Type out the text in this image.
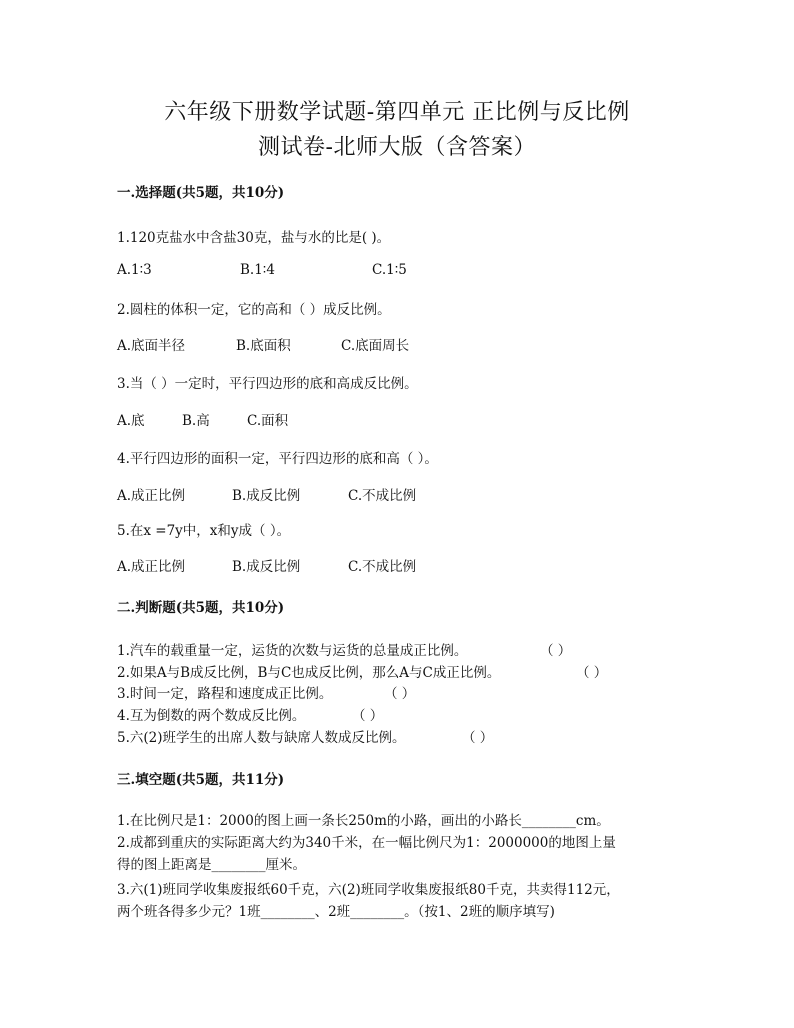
六年级下册数学试题-第四单元 正比例与反比例
测试卷-北师大版（含答案）
一.选择题(共5题，共10分)
1.120克盐水中含盐30克，盐与水的比是( )。
A.1∶3	B.1∶4	C.1∶5
2.圆柱的体积一定，它的高和（ ）成反比例。
A.底面半径	B.底面积	C.底面周长
3.当（ ）一定时，平行四边形的底和高成反比例。
A.底	B.高	C.面积
4.平行四边形的面积一定，平行四边形的底和高（ ）。
A.成正比例	B.成反比例	C.不成比例
5.在x =7y中，x和y成（ ）。
A.成正比例	B.成反比例	C.不成比例
二.判断题(共5题，共10分)
1.汽车的载重量一定，运货的次数与运货的总量成正比例。	（ ）
2.如果A与B成反比例，B与C也成反比例，那么A与C成正比例。	（ ）
3.时间一定，路程和速度成正比例。	（ ）
4.互为倒数的两个数成反比例。	（ ）
5.六(2)班学生的出席人数与缺席人数成反比例。	（ ）
三.填空题(共5题，共11分)
1.在比例尺是1：2000的图上画一条长250m的小路，画出的小路长________cm。
2.成都到重庆的实际距离大约为340千米，在一幅比例尺为1：2000000的地图上量
得的图上距离是________厘米。
3.六(1)班同学收集废报纸60千克，六(2)班同学收集废报纸80千克，共卖得112元，
两个班各得多少元？1班________、2班________。（按1、2班的顺序填写)
